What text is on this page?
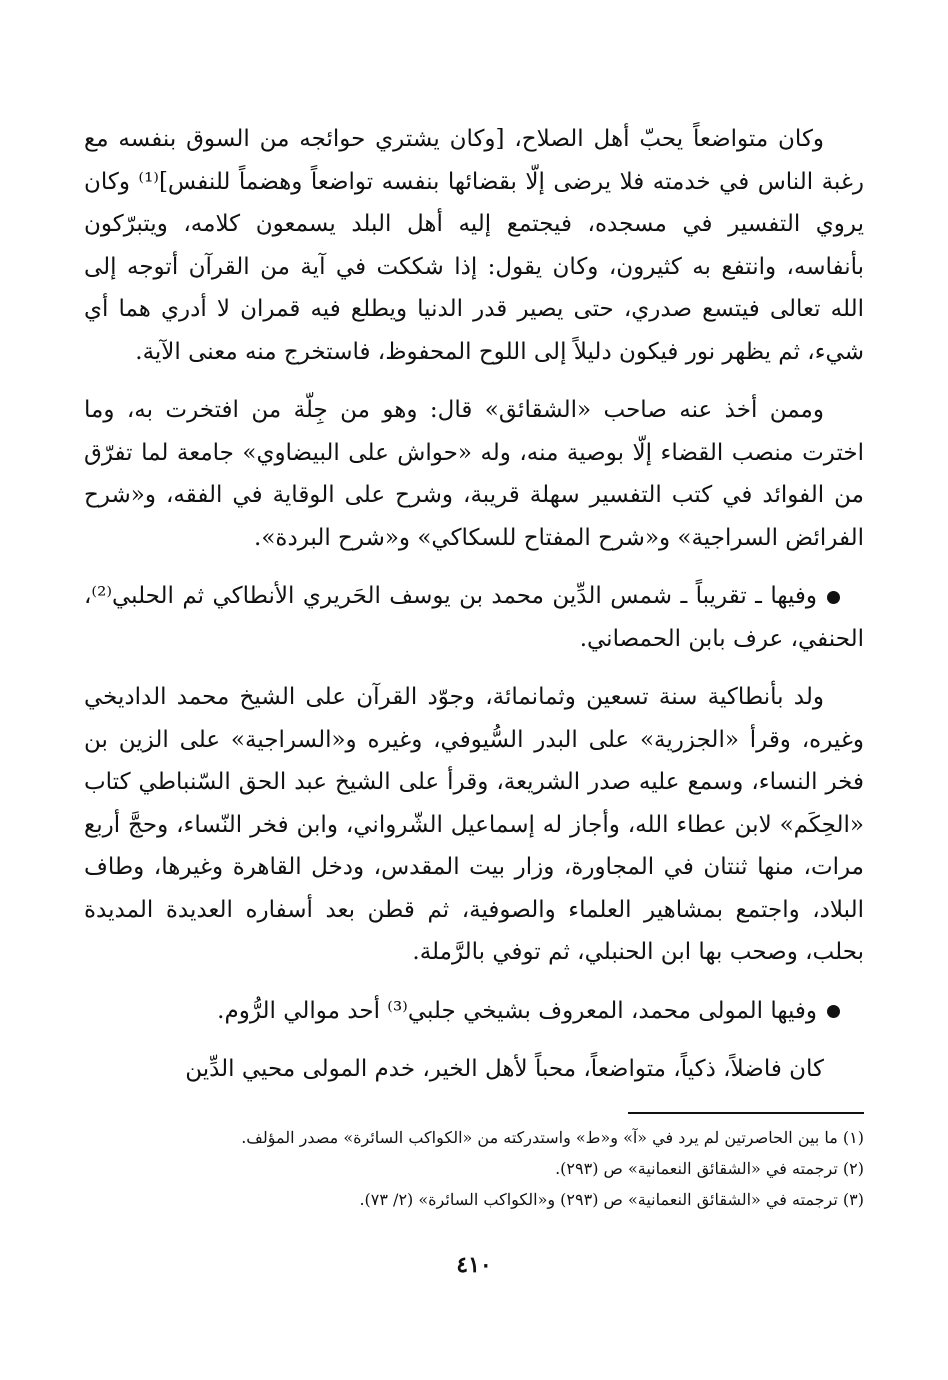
وكان متواضعاً يحبّ أهل الصلاح، [وكان يشتري حوائجه من السوق بنفسه مع رغبة الناس في خدمته فلا يرضى إلّا بقضائها بنفسه تواضعاً وهضماً للنفس]⁽¹⁾ وكان يروي التفسير في مسجده، فيجتمع إليه أهل البلد يسمعون كلامه، ويتبرّكون بأنفاسه، وانتفع به كثيرون، وكان يقول: إذا شككت في آية من القرآن أتوجه إلى الله تعالى فيتسع صدري، حتى يصير قدر الدنيا ويطلع فيه قمران لا أدري هما أي شيء، ثم يظهر نور فيكون دليلاً إلى اللوح المحفوظ، فاستخرج منه معنى الآية.

وممن أخذ عنه صاحب «الشقائق» قال: وهو من جِلّة من افتخرت به، وما اخترت منصب القضاء إلّا بوصية منه، وله «حواش على البيضاوي» جامعة لما تفرّق من الفوائد في كتب التفسير سهلة قريبة، وشرح على الوقاية في الفقه، و«شرح الفرائض السراجية» و«شرح المفتاح للسكاكي» و«شرح البردة».

وفيها ـ تقريباً ـ شمس الدِّين محمد بن يوسف الحَريري الأنطاكي ثم الحلبي⁽²⁾، الحنفي، عرف بابن الحمصاني.

ولد بأنطاكية سنة تسعين وثمانمائة، وجوّد القرآن على الشيخ محمد الداديخي وغيره، وقرأ «الجزرية» على البدر السُّيوفي، وغيره و«السراجية» على الزين بن فخر النساء، وسمع عليه صدر الشريعة، وقرأ على الشيخ عبد الحق السّنباطي كتاب «الحِكَم» لابن عطاء الله، وأجاز له إسماعيل الشّرواني، وابن فخر النّساء، وحجَّ أربع مرات، منها ثنتان في المجاورة، وزار بيت المقدس، ودخل القاهرة وغيرها، وطاف البلاد، واجتمع بمشاهير العلماء والصوفية، ثم قطن بعد أسفاره العديدة المديدة بحلب، وصحب بها ابن الحنبلي، ثم توفي بالرَّملة.

وفيها المولى محمد، المعروف بشيخي جلبي⁽³⁾ أحد موالي الرُّوم.

كان فاضلاً، ذكياً، متواضعاً، محباً لأهل الخير، خدم المولى محيي الدِّين

(١) ما بين الحاصرتين لم يرد في «آ» و«ط» واستدركته من «الكواكب السائرة» مصدر المؤلف.

(٢) ترجمته في «الشقائق النعمانية» ص (٢٩٣).

(٣) ترجمته في «الشقائق النعمانية» ص (٢٩٣) و«الكواكب السائرة» (٢/ ٧٣).

٤١٠
